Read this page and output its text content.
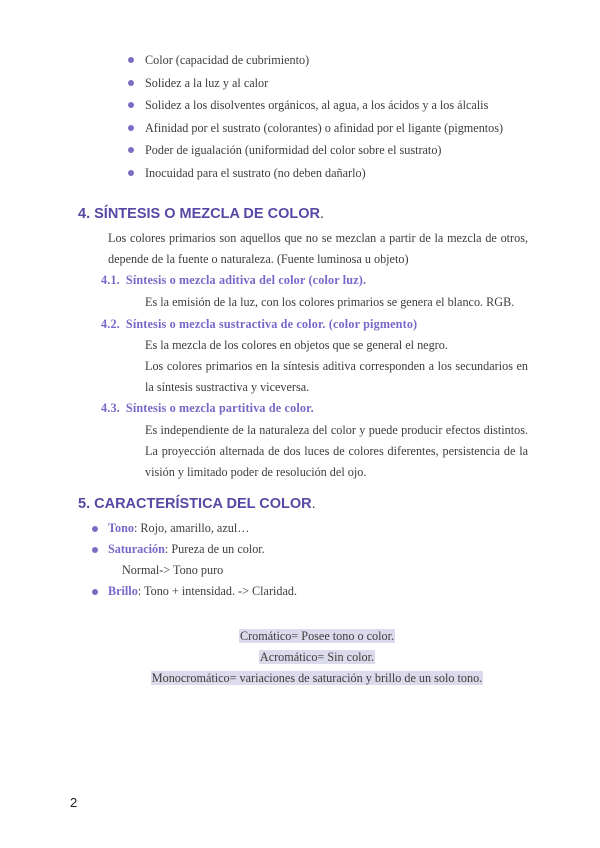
Color (capacidad de cubrimiento)
Solidez a la luz y al calor
Solidez a los disolventes orgánicos, al agua, a los ácidos y a los álcalis
Afinidad por el sustrato (colorantes) o afinidad por el ligante (pigmentos)
Poder de igualación (uniformidad del color sobre el sustrato)
Inocuidad para el sustrato (no deben dañarlo)
4. SÍNTESIS O MEZCLA DE COLOR.
Los colores primarios son aquellos que no se mezclan a partir de la mezcla de otros, depende de la fuente o naturaleza. (Fuente luminosa u objeto)
4.1. Síntesis o mezcla aditiva del color (color luz).
Es la emisión de la luz, con los colores primarios se genera el blanco. RGB.
4.2. Síntesis o mezcla sustractiva de color. (color pigmento)
Es la mezcla de los colores en objetos que se general el negro.
Los colores primarios en la síntesis aditiva corresponden a los secundarios en la síntesis sustractiva y viceversa.
4.3. Síntesis o mezcla partitiva de color.
Es independiente de la naturaleza del color y puede producir efectos distintos. La proyección alternada de dos luces de colores diferentes, persistencia de la visión y limitado poder de resolución del ojo.
5. CARACTERÍSTICA DEL COLOR.
Tono: Rojo, amarillo, azul…
Saturación: Pureza de un color.
Normal-> Tono puro
Brillo: Tono + intensidad. -> Claridad.
Cromático= Posee tono o color.
Acromático= Sin color.
Monocromático= variaciones de saturación y brillo de un solo tono.
2
